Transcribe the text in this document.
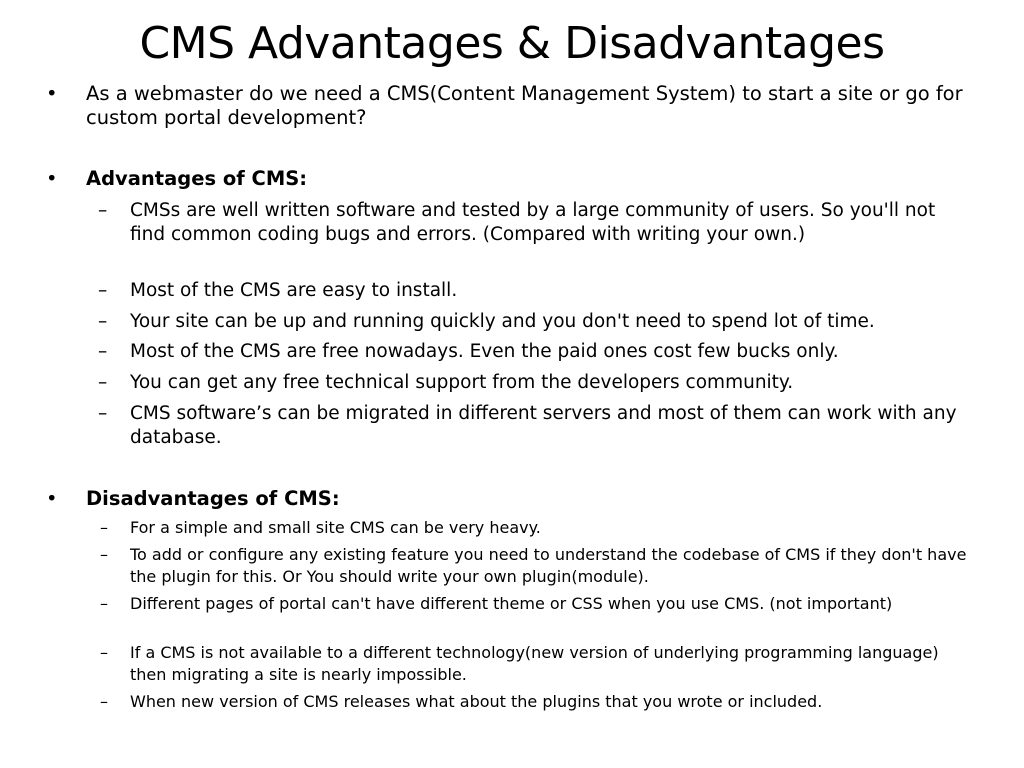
CMS Advantages & Disadvantages
• As a webmaster do we need a CMS(Content Management System) to start a site or go for custom portal development?
• Advantages of CMS:
– CMSs are well written software and tested by a large community of users. So you'll not find common coding bugs and errors. (Compared with writing your own.)
– Most of the CMS are easy to install.
– Your site can be up and running quickly and you don't need to spend lot of time.
– Most of the CMS are free nowadays. Even the paid ones cost few bucks only.
– You can get any free technical support from the developers community.
– CMS software’s can be migrated in different servers and most of them can work with any database.
• Disadvantages of CMS:
– For a simple and small site CMS can be very heavy.
– To add or configure any existing feature you need to understand the codebase of CMS if they don't have the plugin for this. Or You should write your own plugin(module).
– Different pages of portal can't have different theme or CSS when you use CMS. (not important)
– If a CMS is not available to a different technology(new version of underlying programming language) then migrating a site is nearly impossible.
– When new version of CMS releases what about the plugins that you wrote or included.
